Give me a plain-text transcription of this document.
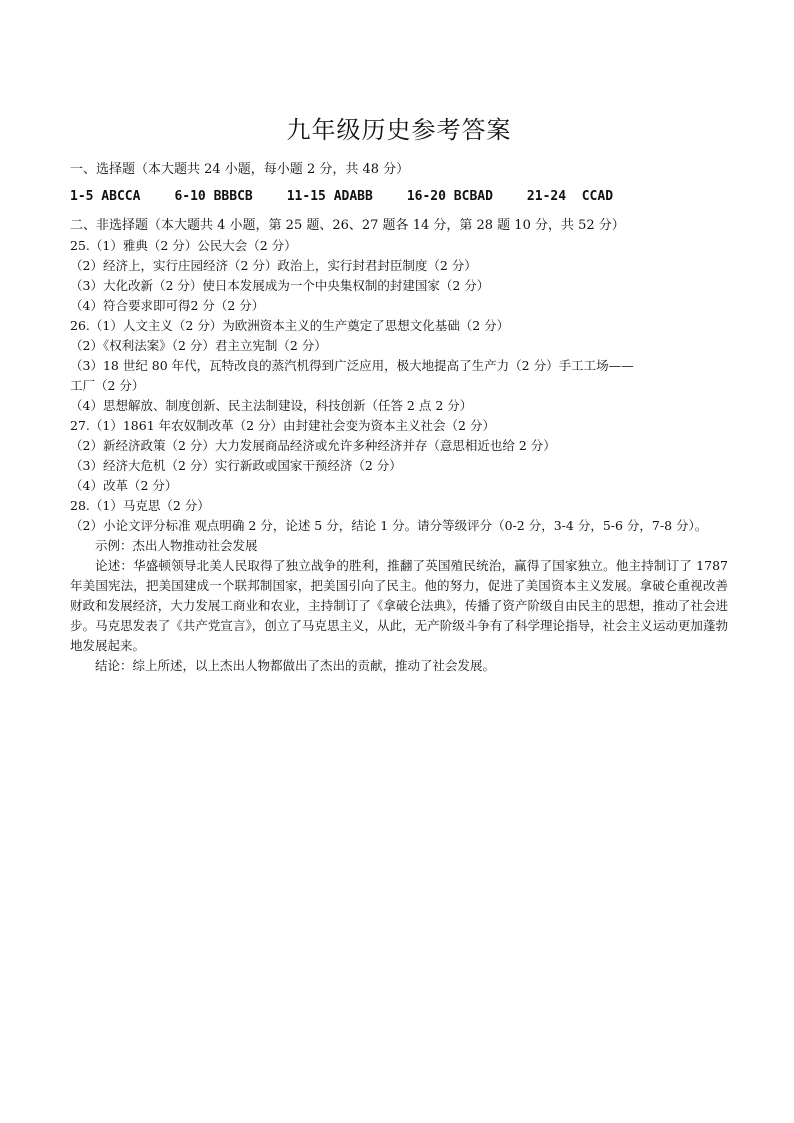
九年级历史参考答案

一、选择题（本大题共 24 小题，每小题 2 分，共 48 分）

1-5 ABCCA	6-10 BBBCB	11-15 ADABB	16-20 BCBAD	21-24  CCAD

二、非选择题（本大题共 4 小题，第 25 题、26、27 题各 14 分，第 28 题 10 分，共 52 分）

25.（1）雅典（2 分）公民大会（2 分）

（2）经济上，实行庄园经济（2 分）政治上，实行封君封臣制度（2 分）

（3）大化改新（2 分）使日本发展成为一个中央集权制的封建国家（2 分）

（4）符合要求即可得2 分（2 分）

26.（1）人文主义（2 分）为欧洲资本主义的生产奠定了思想文化基础（2 分）

（2）《权利法案》（2 分）君主立宪制（2 分）

（3）18 世纪 80 年代，瓦特改良的蒸汽机得到广泛应用，极大地提高了生产力（2 分）手工工场——

工厂（2 分）

（4）思想解放、制度创新、民主法制建设，科技创新（任答 2 点 2 分）

27.（1）1861 年农奴制改革（2 分）由封建社会变为资本主义社会（2 分）

（2）新经济政策（2 分）大力发展商品经济或允许多种经济并存（意思相近也给 2 分）

（3）经济大危机（2 分）实行新政或国家干预经济（2 分）

（4）改革（2 分）

28.（1）马克思（2 分）

（2）小论文评分标准 观点明确 2 分，论述 5 分，结论 1 分。请分等级评分（0-2 分，3-4 分，5-6 分，7-8 分）。

示例：杰出人物推动社会发展

论述：华盛顿领导北美人民取得了独立战争的胜利，推翻了英国殖民统治，赢得了国家独立。他主持制订了 1787 年美国宪法，把美国建成一个联邦制国家，把美国引向了民主。他的努力，促进了美国资本主义发展。拿破仑重视改善财政和发展经济，大力发展工商业和农业，主持制订了《拿破仑法典》，传播了资产阶级自由民主的思想，推动了社会进步。马克思发表了《共产党宣言》，创立了马克思主义，从此，无产阶级斗争有了科学理论指导，社会主义运动更加蓬勃地发展起来。

结论：综上所述，以上杰出人物都做出了杰出的贡献，推动了社会发展。
